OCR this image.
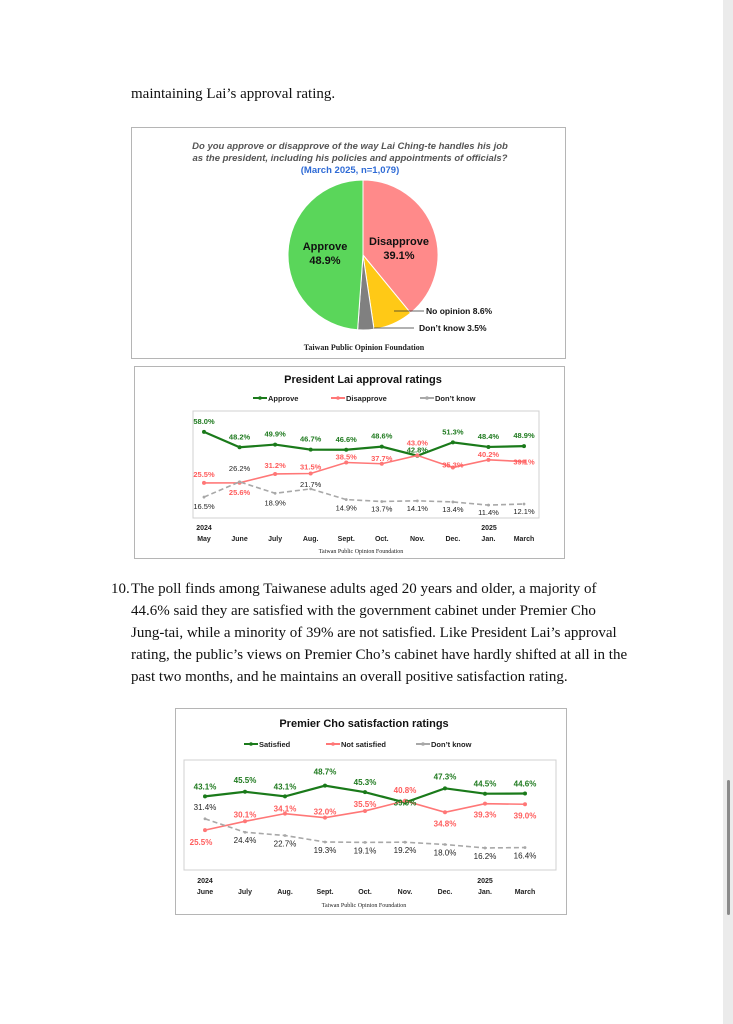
maintaining Lai’s approval rating.
Do you approve or disapprove of the way Lai Ching-te handles his job
as the president, including his policies and appointments of officials?
(March 2025, n=1,079)
Approve
48.9%
Disapprove
39.1%
No opinion 8.6%
Don’t know 3.5%
Taiwan Public Opinion Foundation
President Lai approval ratings
Approve	Disapprove	Don’t know
58.0%
48.2% 49.9%
46.7% 46.6% 48.6%
42.8%
51.3%
48.4% 48.9%
25.5%
25.6%
31.2% 31.5%
38.5% 37.7%
43.0%
35.3%
40.2%
39.1%
16.5%
26.2%
18.9%
21.7%
14.9% 13.7% 14.1% 13.4% 11.4% 12.1%
May	June	July	Aug.	Sept.	Oct.	Nov.	Dec.	Jan.	March
2024	2025
Taiwan Public Opinion Foundation
10. The poll finds among Taiwanese adults aged 20 years and older, a majority of
44.6% said they are satisfied with the government cabinet under Premier Cho
Jung-tai, while a minority of 39% are not satisfied. Like President Lai’s approval
rating, the public’s views on Premier Cho’s cabinet have hardly shifted at all in the
past two months, and he maintains an overall positive satisfaction rating.
Premier Cho satisfaction ratings
Satisfied	Not satisfied	Don’t know
43.1%
45.5%
43.1%
48.7%
45.3%
39.9%
47.3%
44.5% 44.6%
25.5%
30.1%
34.1% 32.0%
35.5%
40.8%
34.8%
39.3% 39.0%
31.4%
24.4% 22.7%
19.3% 19.1% 19.2% 18.0% 16.2% 16.4%
June	July	Aug.	Sept.	Oct.	Nov.	Dec.	Jan.	March
2024	2025
Taiwan Public Opinion Foundation
